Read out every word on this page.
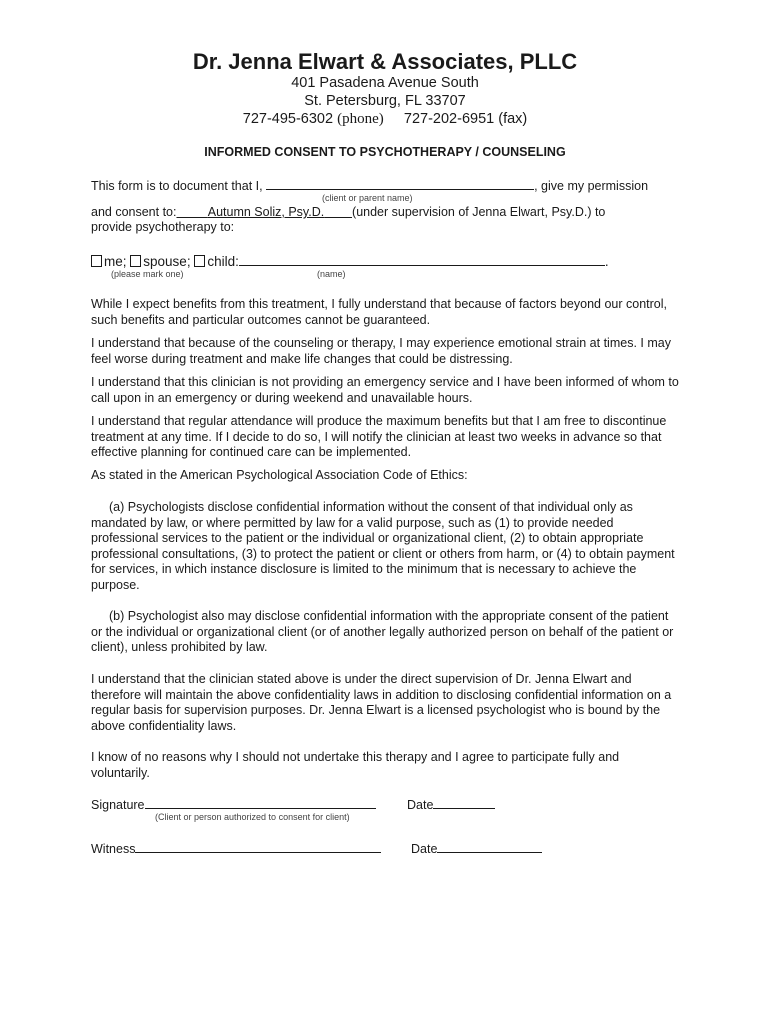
Dr. Jenna Elwart & Associates, PLLC
401 Pasadena Avenue South
St. Petersburg, FL 33707
727-495-6302 (phone) 727-202-6951 (fax)
INFORMED CONSENT TO PSYCHOTHERAPY / COUNSELING
This form is to document that I,	, give my permission
(client or parent name)
and consent to:	Autumn Soliz, Psy.D. (under supervision of Jenna Elwart, Psy.D.) to
provide psychotherapy to:
me; spouse; child:	.
(please mark one)	(name)
While I expect benefits from this treatment, I fully understand that because of factors beyond our control, such benefits and particular outcomes cannot be guaranteed.
I understand that because of the counseling or therapy, I may experience emotional strain at times. I may feel worse during treatment and make life changes that could be distressing.
I understand that this clinician is not providing an emergency service and I have been informed of whom to call upon in an emergency or during weekend and unavailable hours.
I understand that regular attendance will produce the maximum benefits but that I am free to discontinue treatment at any time. If I decide to do so, I will notify the clinician at least two weeks in advance so that effective planning for continued care can be implemented.
As stated in the American Psychological Association Code of Ethics:
(a) Psychologists disclose confidential information without the consent of that individual only as mandated by law, or where permitted by law for a valid purpose, such as (1) to provide needed professional services to the patient or the individual or organizational client, (2) to obtain appropriate professional consultations, (3) to protect the patient or client or others from harm, or (4) to obtain payment for services, in which instance disclosure is limited to the minimum that is necessary to achieve the purpose.
(b) Psychologist also may disclose confidential information with the appropriate consent of the patient or the individual or organizational client (or of another legally authorized person on behalf of the patient or client), unless prohibited by law.
I understand that the clinician stated above is under the direct supervision of Dr. Jenna Elwart and therefore will maintain the above confidentiality laws in addition to disclosing confidential information on a regular basis for supervision purposes. Dr. Jenna Elwart is a licensed psychologist who is bound by the above confidentiality laws.
I know of no reasons why I should not undertake this therapy and I agree to participate fully and voluntarily.
Signature	Date
(Client or person authorized to consent for client)
Witness	Date
